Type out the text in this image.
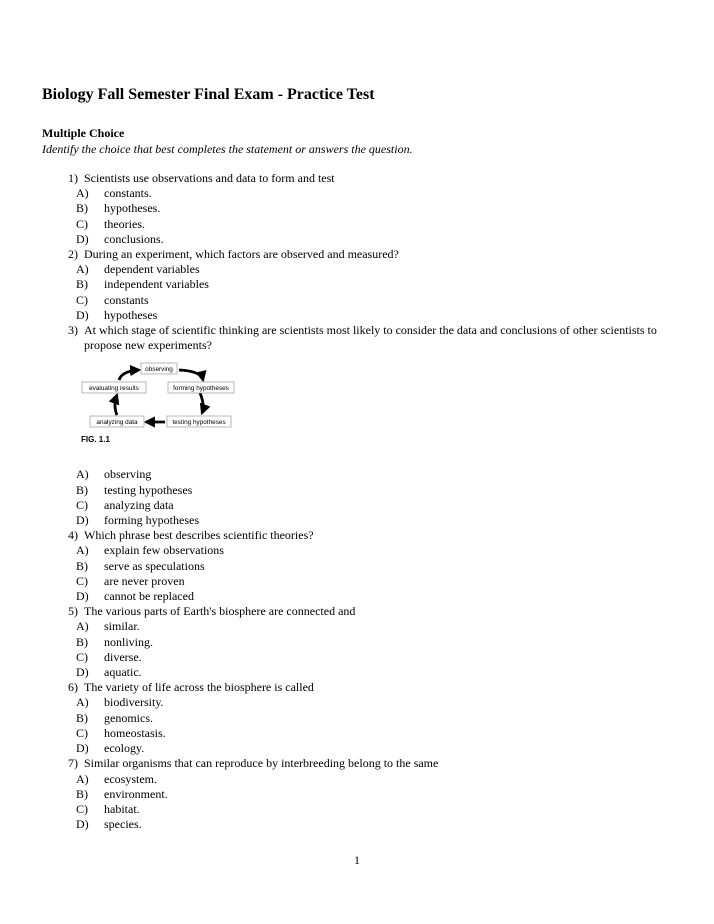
Biology Fall Semester Final Exam - Practice Test
Multiple Choice
Identify the choice that best completes the statement or answers the question.
1) Scientists use observations and data to form and test
A)	constants.
B)	hypotheses.
C)	theories.
D)	conclusions.
2) During an experiment, which factors are observed and measured?
A)	dependent variables
B)	independent variables
C)	constants
D)	hypotheses
3) At which stage of scientific thinking are scientists most likely to consider the data and conclusions of other scientists to propose new experiments?
observing
evaluating results	forming hypotheses
analyzing data	testing hypotheses
FIG. 1.1
A)	observing
B)	testing hypotheses
C)	analyzing data
D)	forming hypotheses
4) Which phrase best describes scientific theories?
A)	explain few observations
B)	serve as speculations
C)	are never proven
D)	cannot be replaced
5) The various parts of Earth's biosphere are connected and
A)	similar.
B)	nonliving.
C)	diverse.
D)	aquatic.
6) The variety of life across the biosphere is called
A)	biodiversity.
B)	genomics.
C)	homeostasis.
D)	ecology.
7) Similar organisms that can reproduce by interbreeding belong to the same
A)	ecosystem.
B)	environment.
C)	habitat.
D)	species.
1
